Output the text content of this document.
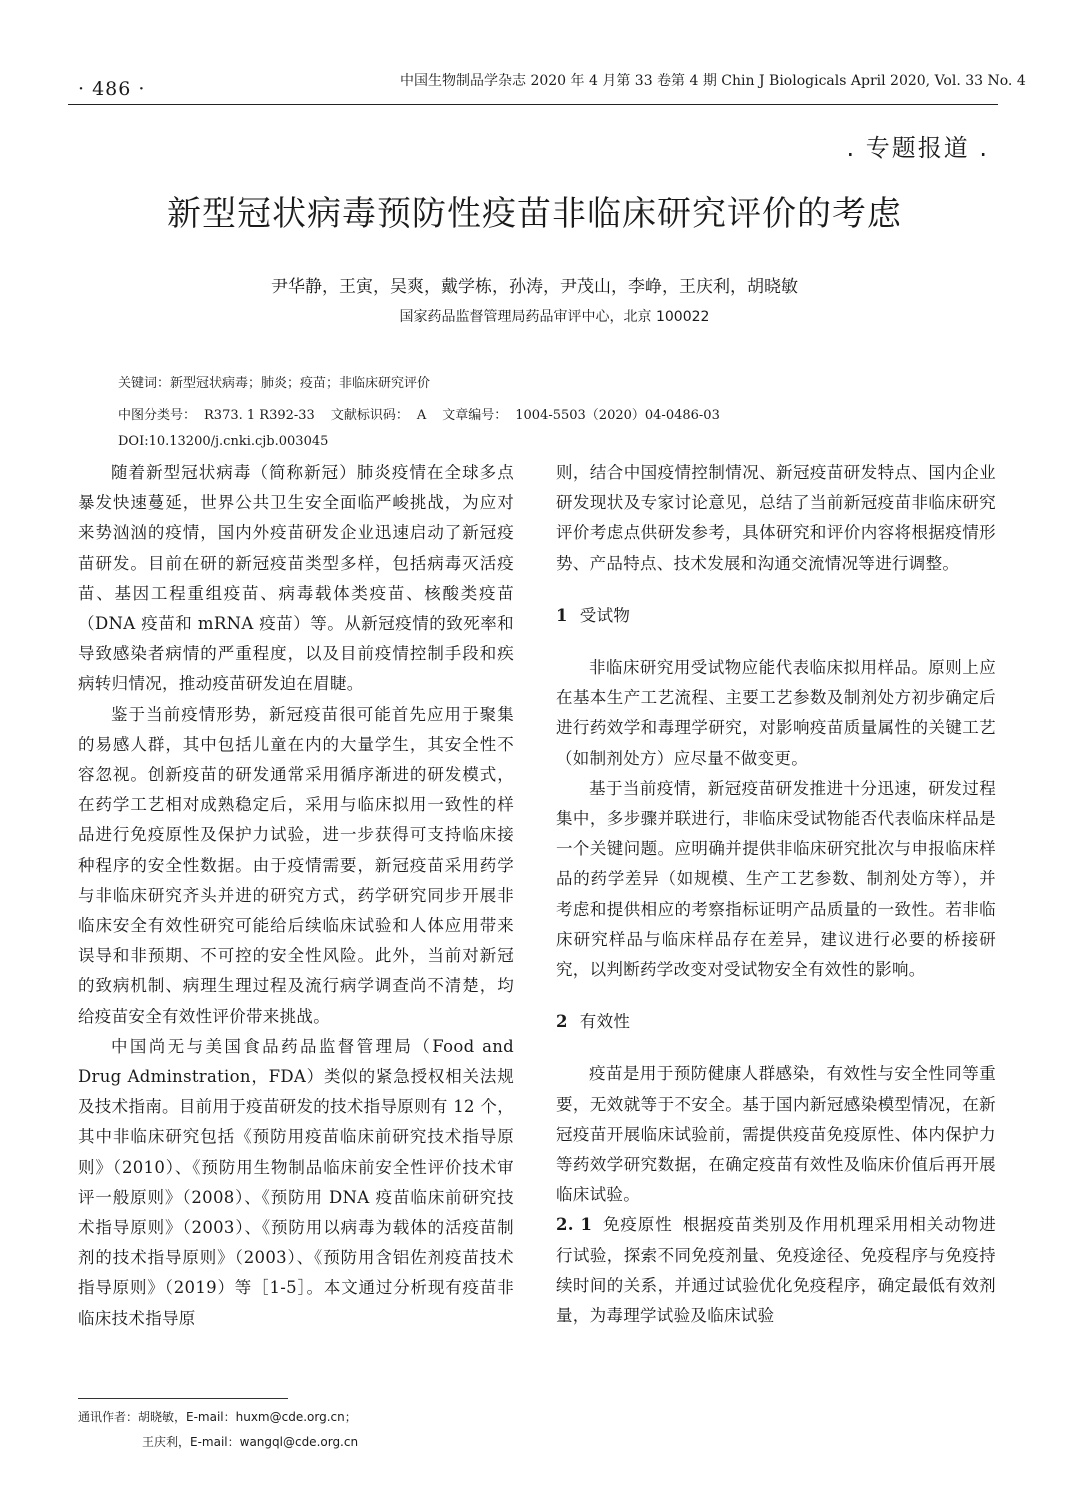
· 486 ·	中国生物制品学杂志 2020 年 4 月第 33 卷第 4 期 Chin J Biologicals April 2020, Vol. 33 No. 4
. 专题报道 .
新型冠状病毒预防性疫苗非临床研究评价的考虑
尹华静，王寅，吴爽，戴学栋，孙涛，尹茂山，李峥，王庆利，胡晓敏
国家药品监督管理局药品审评中心，北京 100022
关键词：新型冠状病毒；肺炎；疫苗；非临床研究评价
中图分类号： R373. 1 R392-33 文献标识码： A 文章编号： 1004-5503（2020）04-0486-03
DOI:10.13200/j.cnki.cjb.003045

随着新型冠状病毒（简称新冠）肺炎疫情在全球多点暴发快速蔓延，世界公共卫生安全面临严峻挑战，为应对来势汹汹的疫情，国内外疫苗研发企业迅速启动了新冠疫苗研发。目前在研的新冠疫苗类型多样，包括病毒灭活疫苗、基因工程重组疫苗、病毒载体类疫苗、核酸类疫苗（DNA 疫苗和 mRNA 疫苗）等。从新冠疫情的致死率和导致感染者病情的严重程度，以及目前疫情控制手段和疾病转归情况，推动疫苗研发迫在眉睫。

鉴于当前疫情形势，新冠疫苗很可能首先应用于聚集的易感人群，其中包括儿童在内的大量学生，其安全性不容忽视。创新疫苗的研发通常采用循序渐进的研发模式，在药学工艺相对成熟稳定后，采用与临床拟用一致性的样品进行免疫原性及保护力试验，进一步获得可支持临床接种程序的安全性数据。由于疫情需要，新冠疫苗采用药学与非临床研究齐头并进的研究方式，药学研究同步开展非临床安全有效性研究可能给后续临床试验和人体应用带来误导和非预期、不可控的安全性风险。此外，当前对新冠的致病机制、病理生理过程及流行病学调查尚不清楚，均给疫苗安全有效性评价带来挑战。

中国尚无与美国食品药品监督管理局（Food and Drug Adminstration，FDA）类似的紧急授权相关法规及技术指南。目前用于疫苗研发的技术指导原则有 12 个，其中非临床研究包括《预防用疫苗临床前研究技术指导原则》（2010）、《预防用生物制品临床前安全性评价技术审评一般原则》（2008）、《预防用 DNA 疫苗临床前研究技术指导原则》（2003）、《预防用以病毒为载体的活疫苗制剂的技术指导原则》（2003）、《预防用含铝佐剂疫苗技术指导原则》（2019）等［1-5］。本文通过分析现有疫苗非临床技术指导原

则，结合中国疫情控制情况、新冠疫苗研发特点、国内企业研发现状及专家讨论意见，总结了当前新冠疫苗非临床研究评价考虑点供研发参考，具体研究和评价内容将根据疫情形势、产品特点、技术发展和沟通交流情况等进行调整。

1 受试物

非临床研究用受试物应能代表临床拟用样品。原则上应在基本生产工艺流程、主要工艺参数及制剂处方初步确定后进行药效学和毒理学研究，对影响疫苗质量属性的关键工艺（如制剂处方）应尽量不做变更。

基于当前疫情，新冠疫苗研发推进十分迅速，研发过程集中，多步骤并联进行，非临床受试物能否代表临床样品是一个关键问题。应明确并提供非临床研究批次与申报临床样品的药学差异（如规模、生产工艺参数、制剂处方等），并考虑和提供相应的考察指标证明产品质量的一致性。若非临床研究样品与临床样品存在差异，建议进行必要的桥接研究，以判断药学改变对受试物安全有效性的影响。

2 有效性

疫苗是用于预防健康人群感染，有效性与安全性同等重要，无效就等于不安全。基于国内新冠感染模型情况，在新冠疫苗开展临床试验前，需提供疫苗免疫原性、体内保护力等药效学研究数据，在确定疫苗有效性及临床价值后再开展临床试验。

2. 1 免疫原性 根据疫苗类别及作用机理采用相关动物进行试验，探索不同免疫剂量、免疫途径、免疫程序与免疫持续时间的关系，并通过试验优化免疫程序，确定最低有效剂量，为毒理学试验及临床试验

通讯作者：胡晓敏，E-mail：huxm@cde.org.cn；
王庆利，E-mail：wangql@cde.org.cn
